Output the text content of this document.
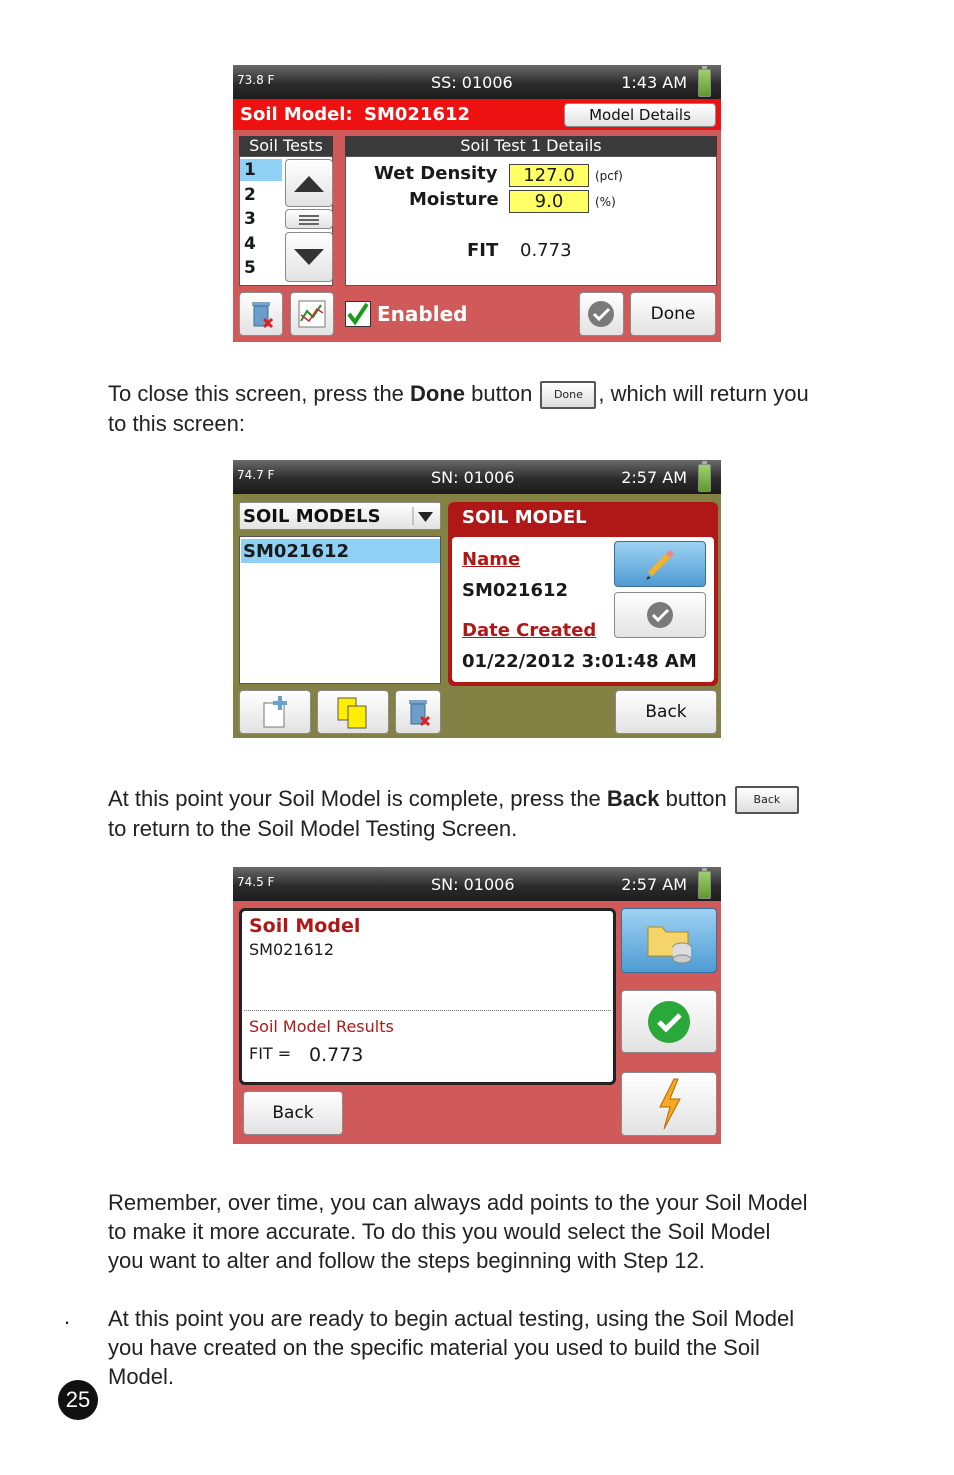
73.8 F	SS: 01006	1:43 AM
Soil Model: SM021612	Model Details
Soil Tests
1
2
3
4
5
Soil Test 1 Details
Wet Density	127.0	(pcf)
Moisture	9.0	(%)
FIT 0.773
Enabled	Done
To close this screen, press the Done button Done , which will return you
to this screen:
74.7 F	SN: 01006	2:57 AM
SOIL MODELS
SM021612
SOIL MODEL
Name
SM021612
Date Created
01/22/2012 3:01:48 AM
Back
At this point your Soil Model is complete, press the Back button Back
to return to the Soil Model Testing Screen.
74.5 F	SN: 01006	2:57 AM
Soil Model
SM021612
Soil Model Results
FIT = 0.773
Back
Remember, over time, you can always add points to the your Soil Model
to make it more accurate. To do this you would select the Soil Model
you want to alter and follow the steps beginning with Step 12.
. At this point you are ready to begin actual testing, using the Soil Model
you have created on the specific material you used to build the Soil
Model.
25
